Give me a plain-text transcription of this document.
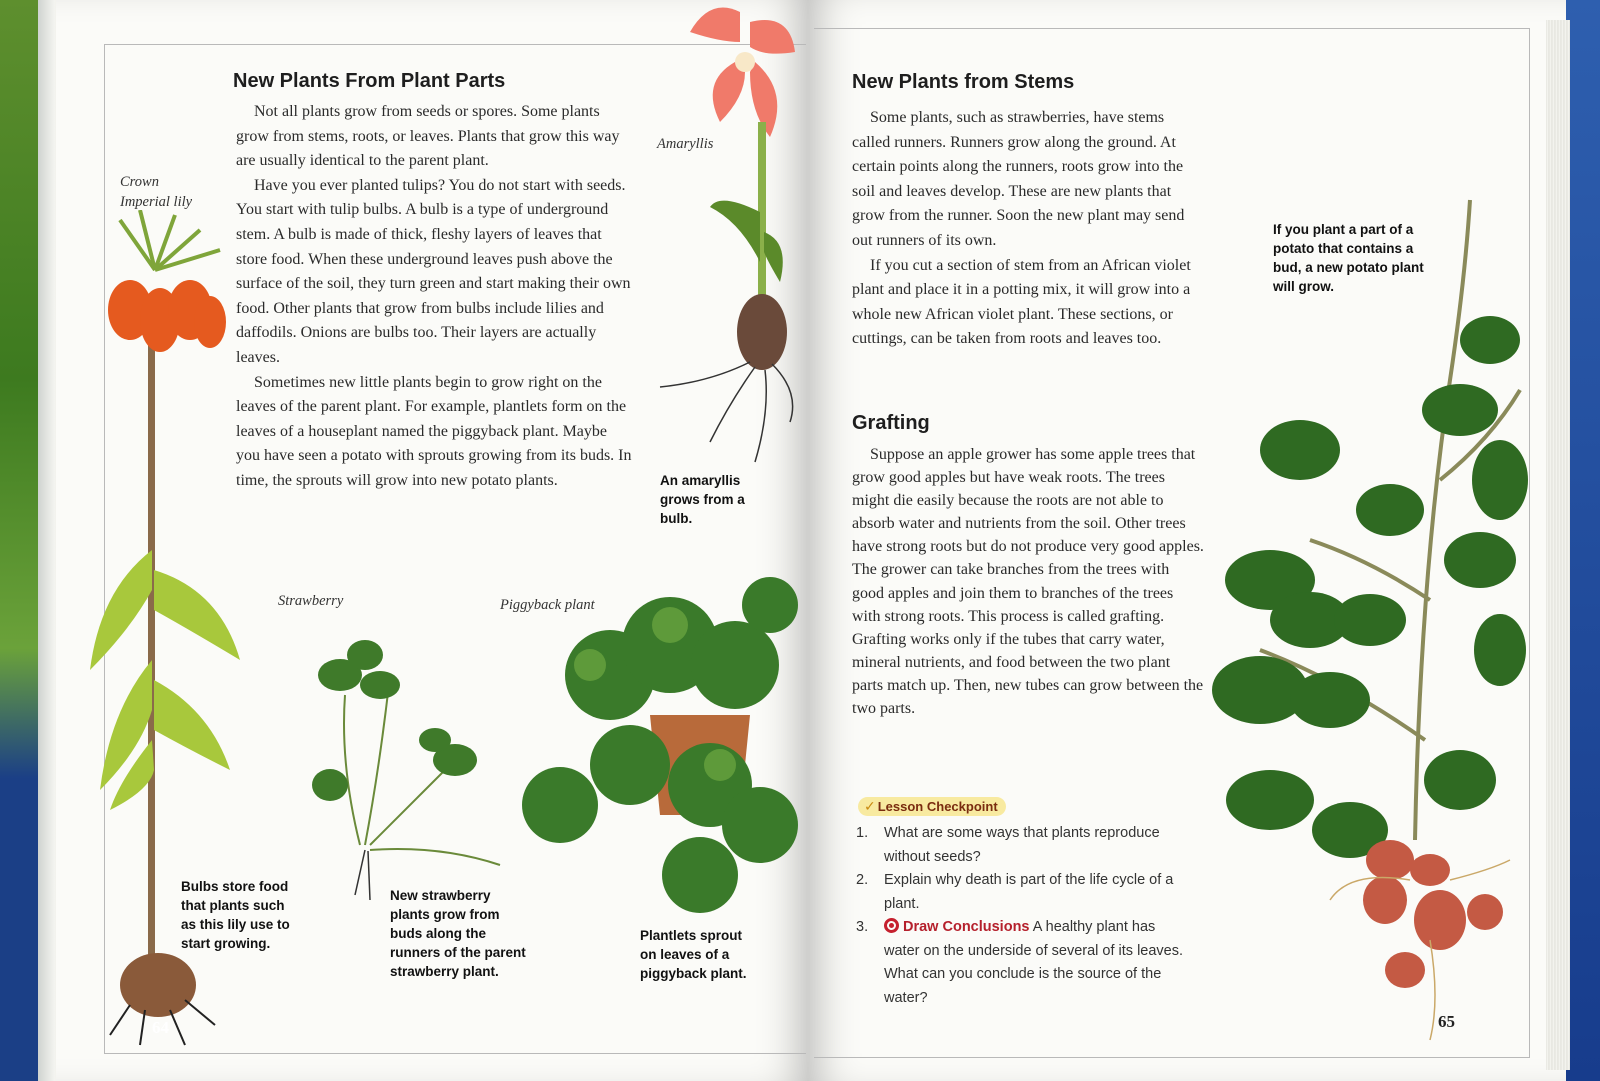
New Plants From Plant Parts

Not all plants grow from seeds or spores. Some plants grow from stems, roots, or leaves. Plants that grow this way are usually identical to the parent plant.

Have you ever planted tulips? You do not start with seeds. You start with tulip bulbs. A bulb is a type of underground stem. A bulb is made of thick, fleshy layers of leaves that store food. When these underground leaves push above the surface of the soil, they turn green and start making their own food. Other plants that grow from bulbs include lilies and daffodils. Onions are bulbs too. Their layers are actually leaves.

Sometimes new little plants begin to grow right on the leaves of the parent plant. For example, plantlets form on the leaves of a houseplant named the piggyback plant. Maybe you have seen a potato with sprouts growing from its buds. In time, the sprouts will grow into new potato plants.

Crown Imperial lily
Amaryllis
Strawberry	Piggyback plant
An amaryllis grows from a bulb.
Bulbs store food that plants such as this lily use to start growing.
New strawberry plants grow from buds along the runners of the parent strawberry plant.
Plantlets sprout on leaves of a piggyback plant.
64
New Plants from Stems

Some plants, such as strawberries, have stems called runners. Runners grow along the ground. At certain points along the runners, roots grow into the soil and leaves develop. These are new plants that grow from the runner. Soon the new plant may send out runners of its own.

If you cut a section of stem from an African violet plant and place it in a potting mix, it will grow into a whole new African violet plant. These sections, or cuttings, can be taken from roots and leaves too.

Grafting

Suppose an apple grower has some apple trees that grow good apples but have weak roots. The trees might die easily because the roots are not able to absorb water and nutrients from the soil. Other trees have strong roots but do not produce very good apples. The grower can take branches from the trees with good apples and join them to branches of the trees with strong roots. This process is called grafting. Grafting works only if the tubes that carry water, mineral nutrients, and food between the two plant parts match up. Then, new tubes can grow between the two parts.

If you plant a part of a potato that contains a bud, a new potato plant will grow.
✓ Lesson Checkpoint
1. What are some ways that plants reproduce without seeds?
2. Explain why death is part of the life cycle of a plant.
3.	Draw Conclusions A healthy plant has water on the underside of several of its leaves. What can you conclude is the source of the water?
65
